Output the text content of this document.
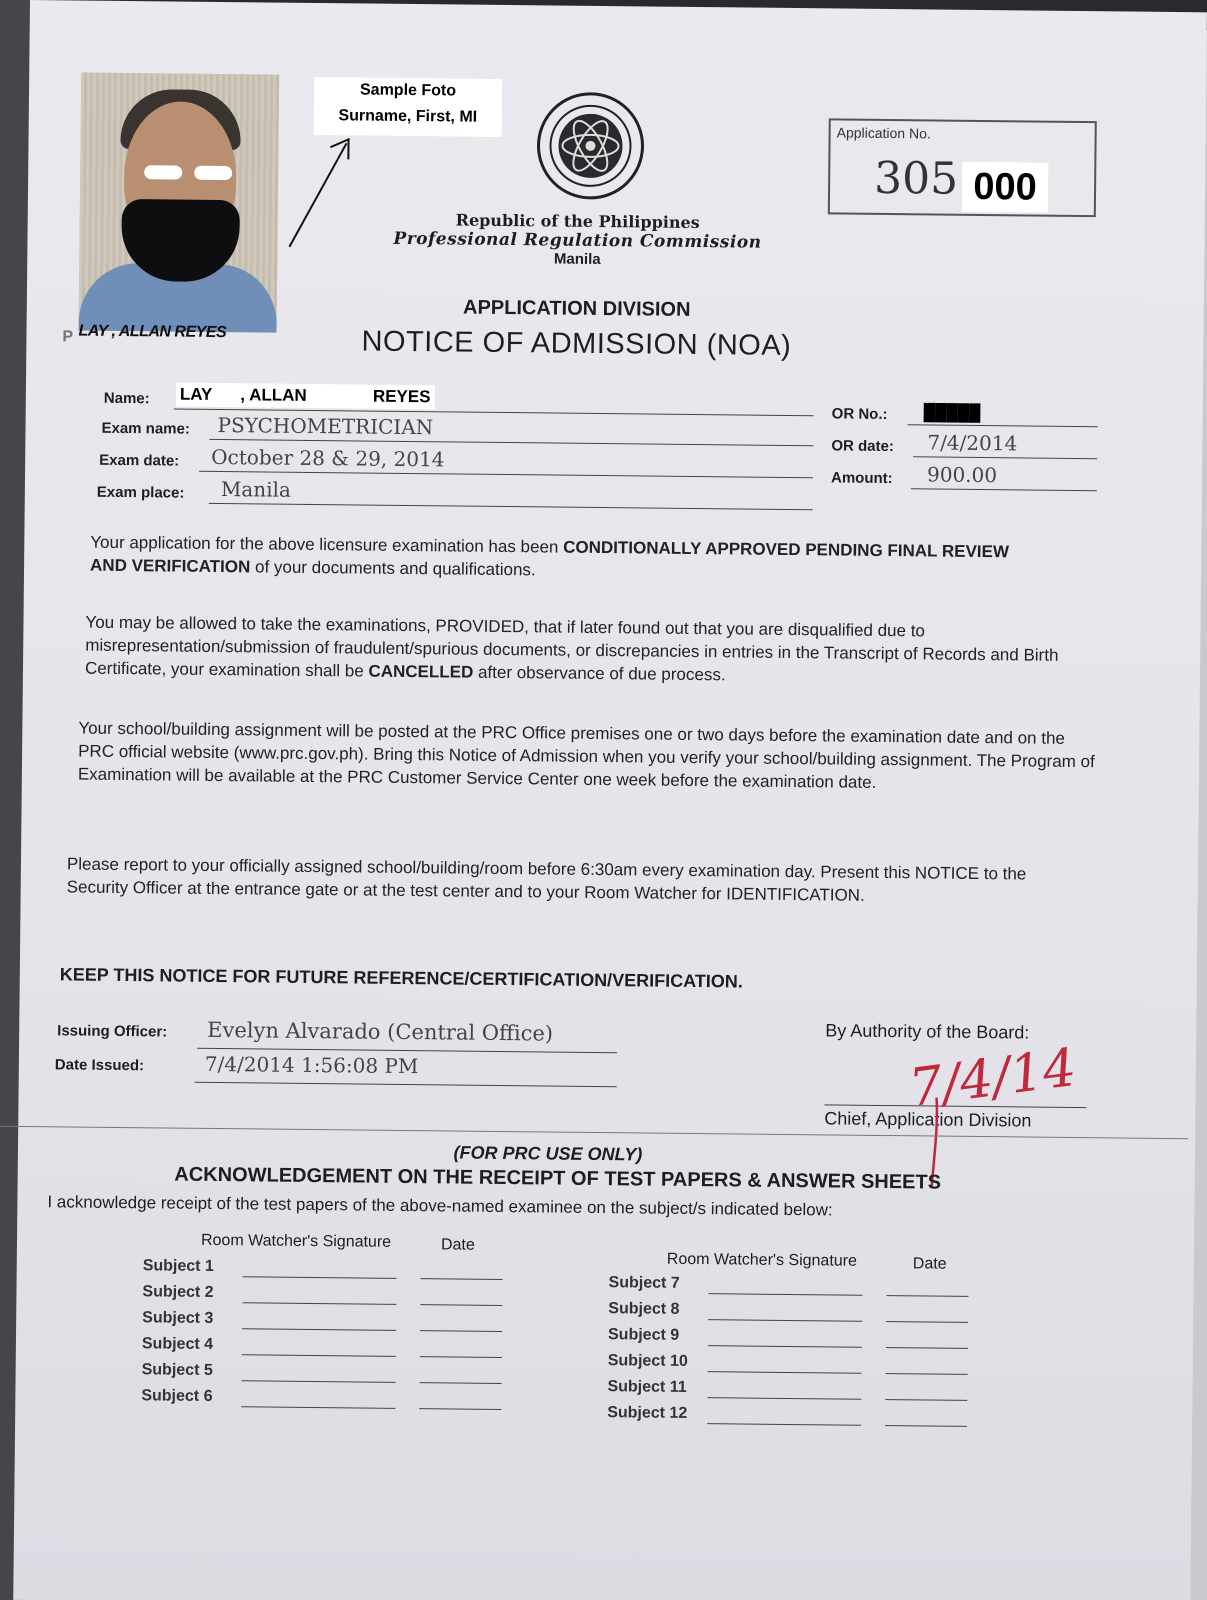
P LAY , ALLAN REYES
Sample Foto
Surname, First, MI
Republic of the Philippines
Professional Regulation Commission
Manila
APPLICATION DIVISION
NOTICE OF ADMISSION (NOA)
Application No.
305 000
Name: LAY      , ALLAN              REYES
Exam name: PSYCHOMETRICIAN
Exam date: October 28 & 29, 2014
Exam place: Manila
OR No.: █████
OR date: 7/4/2014
Amount: 900.00

Your application for the above licensure examination has been CONDITIONALLY APPROVED PENDING FINAL REVIEW AND VERIFICATION of your documents and qualifications.

You may be allowed to take the examinations, PROVIDED, that if later found out that you are disqualified due to misrepresentation/submission of fraudulent/spurious documents, or discrepancies in entries in the Transcript of Records and Birth Certificate, your examination shall be CANCELLED after observance of due process.

Your school/building assignment will be posted at the PRC Office premises one or two days before the examination date and on the PRC official website (www.prc.gov.ph). Bring this Notice of Admission when you verify your school/building assignment. The Program of Examination will be available at the PRC Customer Service Center one week before the examination date.

Please report to your officially assigned school/building/room before 6:30am every examination day. Present this NOTICE to the Security Officer at the entrance gate or at the test center and to your Room Watcher for IDENTIFICATION.

KEEP THIS NOTICE FOR FUTURE REFERENCE/CERTIFICATION/VERIFICATION.
Issuing Officer: Evelyn Alvarado (Central Office)
Date Issued:	7/4/2014 1:56:08 PM
By Authority of the Board:
Chief, Application Division
7/4/14
(FOR PRC USE ONLY)
ACKNOWLEDGEMENT ON THE RECEIPT OF TEST PAPERS & ANSWER SHEETS
I acknowledge receipt of the test papers of the above-named examinee on the subject/s indicated below:
Room Watcher's Signature	Date
Room Watcher's Signature	Date
Subject 1
Subject 2
Subject 3
Subject 4
Subject 5
Subject 6
Subject 7
Subject 8
Subject 9
Subject 10
Subject 11
Subject 12
